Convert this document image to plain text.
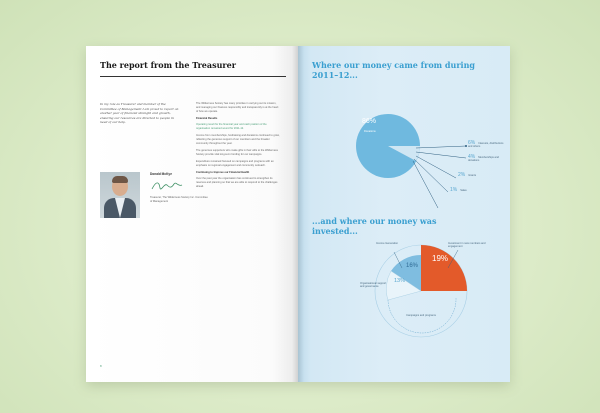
The report from the Treasurer
In my role as Treasurer and member of the Committee of Management I am proud to report on another year of financial strength and growth, ensuring our resources are directed to people in need of our help.
The Wilderness Society has many priorities in carrying out its mission, and managing our finances responsibly and transparently is at the heart of how we operate.
Financial Results
Operating result for the financial year and cash position of the organisation remained sound for 2011-12.
Income from memberships, fundraising and donations continued to grow, reflecting the generous support of our members and the broader community throughout the year.
The generous supporters who make gifts in their wills to the Wilderness Society provide vital long-term funding for our campaigns.
Expenditure remained focused on campaigns and programs with an emphasis on regional engagement and community outreach.
Continuing to Improve our Financial Health
Over the past year the organisation has continued to strengthen its reserves and planning so that we are able to respond to the challenges ahead.
Donald McKye
Treasurer, The Wilderness Society Inc. Committee of Management
8
Where our money came from during 2011–12...
86%
Donations
6% Interests, distributions and others
4% Memberships and donations
2% Grants
1% Sales
...and where our money was invested...
Income Generation	Investment in new members and engagement
Organisational support and governance
19%
16%
13%
Campaigns and programs
